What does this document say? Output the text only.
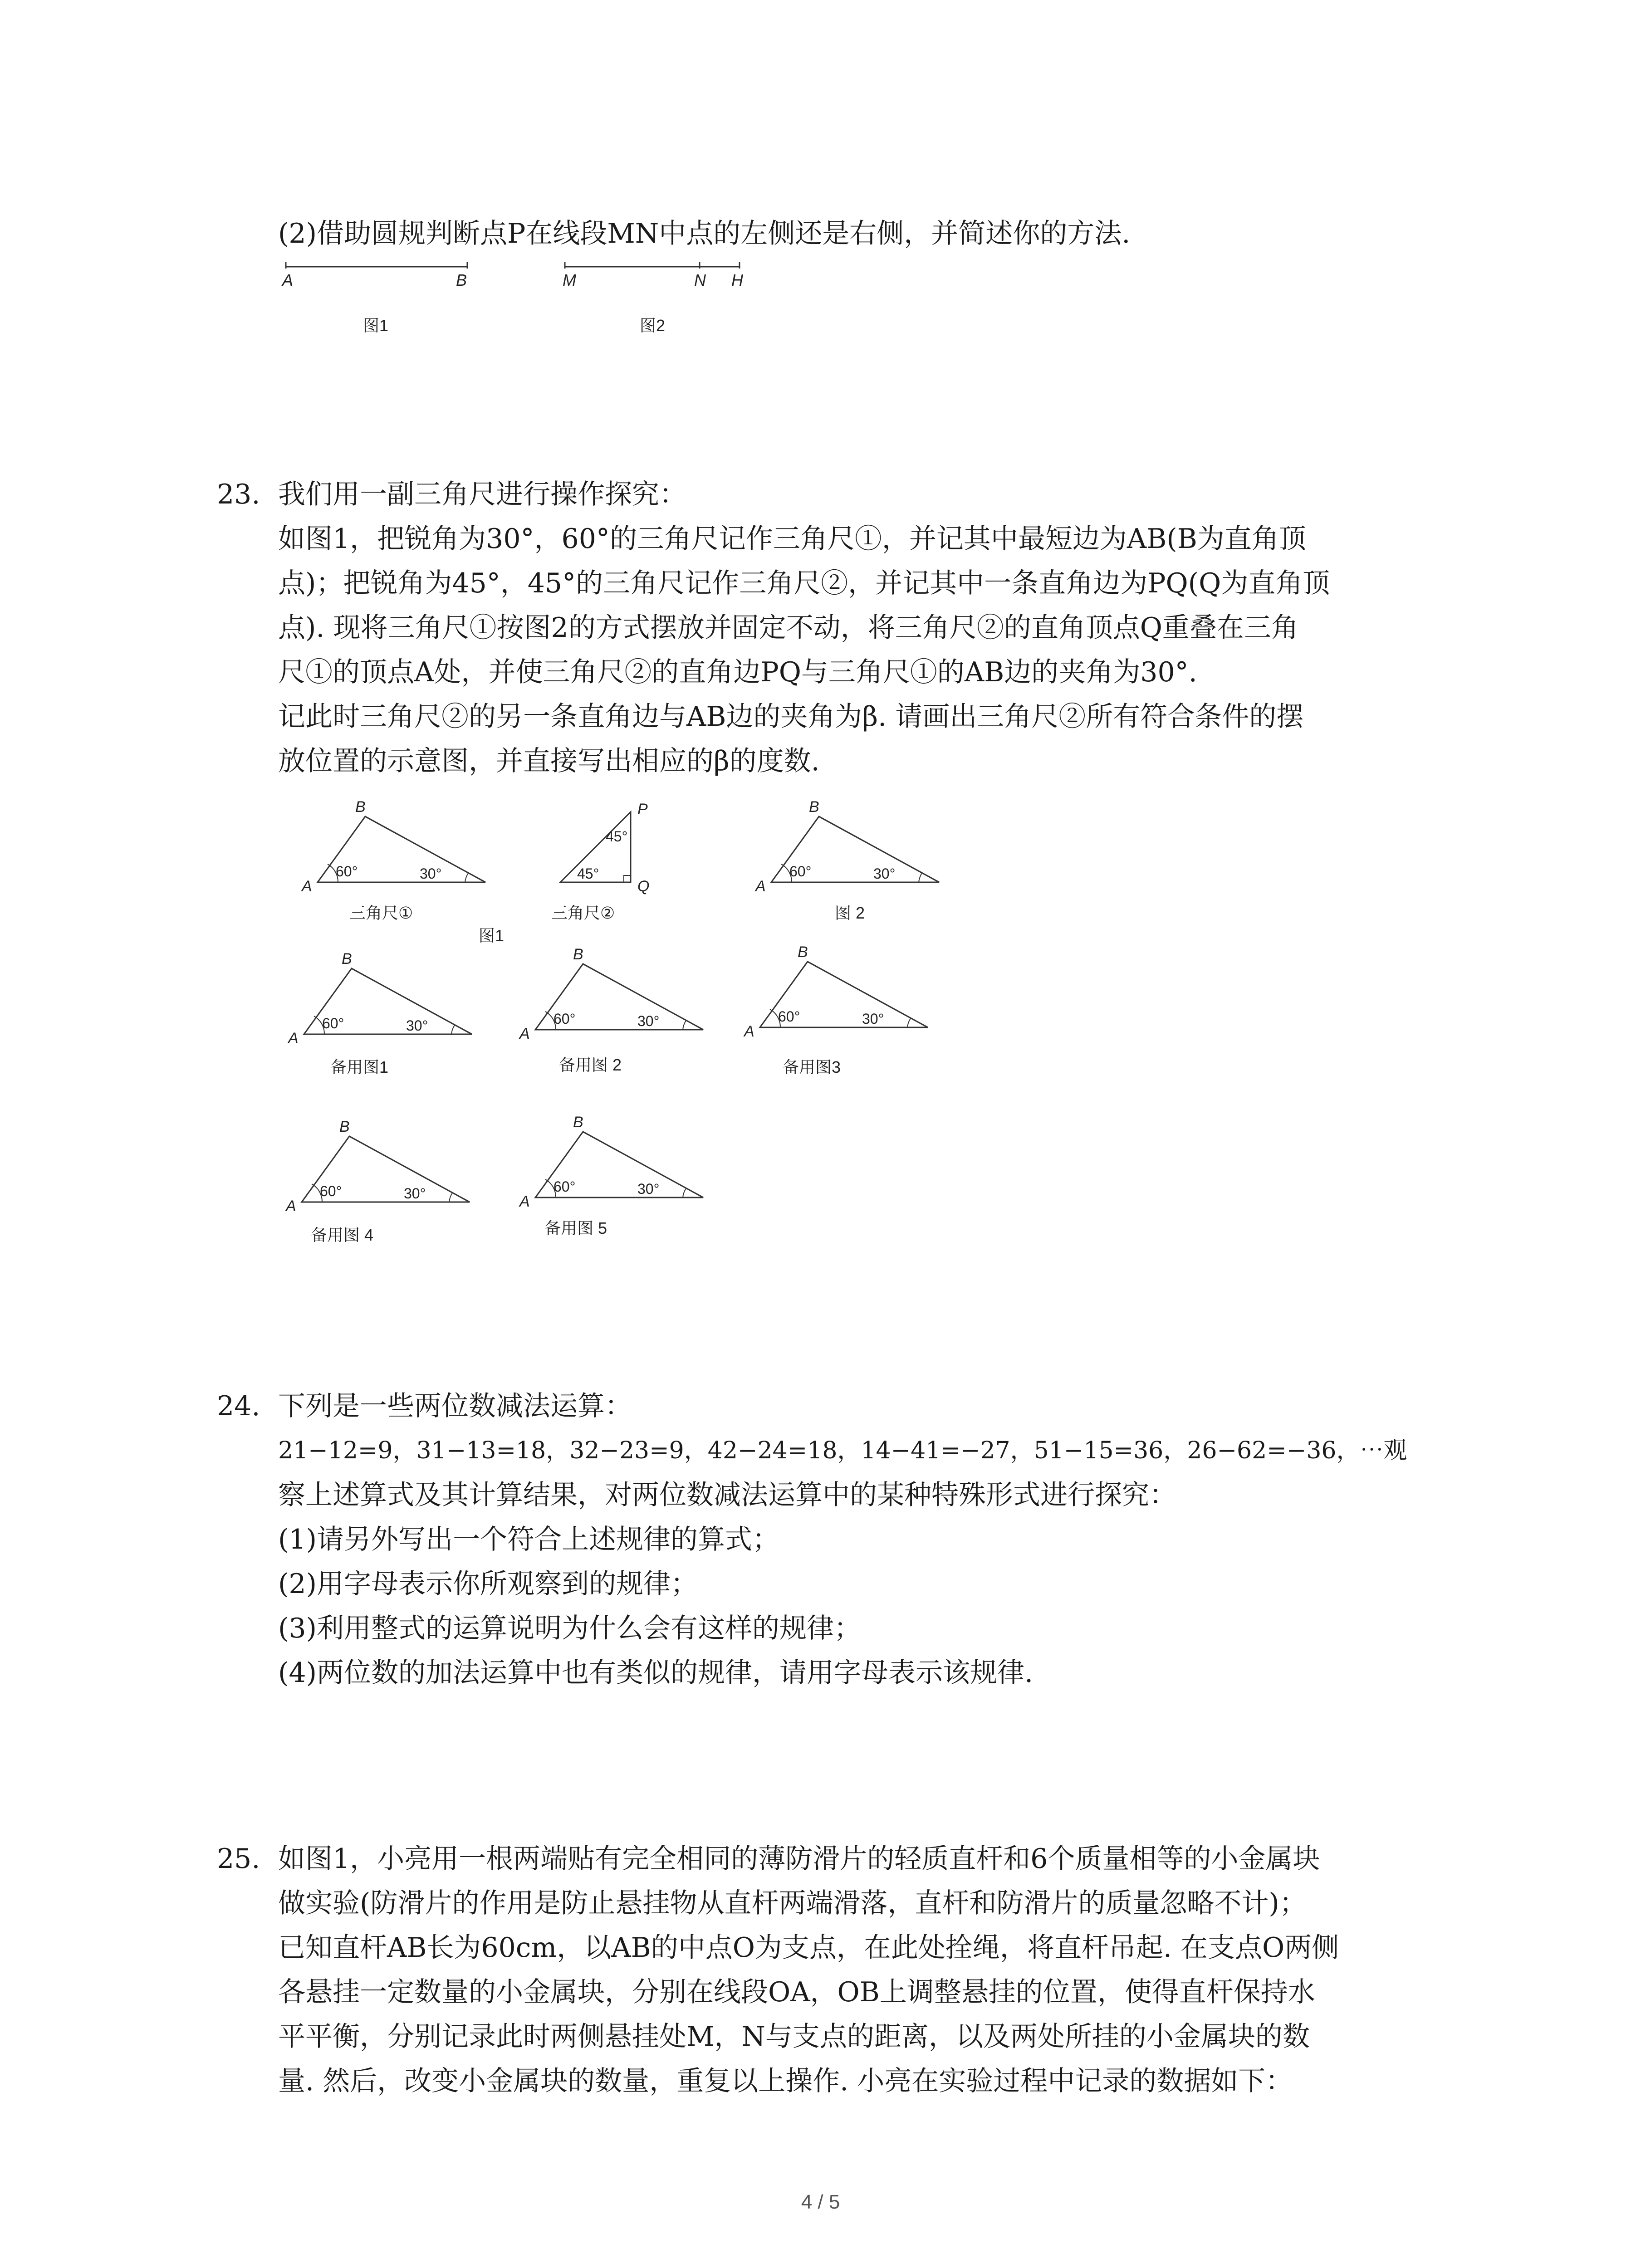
(2)借助圆规判断点P在线段MN中点的左侧还是右侧，并简述你的方法.
A	B
图1
M	N H
图2
23. 我们用一副三角尺进行操作探究：
如图1，把锐角为30°，60°的三角尺记作三角尺①，并记其中最短边为AB(B为直角顶
点)；把锐角为45°，45°的三角尺记作三角尺②，并记其中一条直角边为PQ(Q为直角顶
点). 现将三角尺①按图2的方式摆放并固定不动，将三角尺②的直角顶点Q重叠在三角
尺①的顶点A处，并使三角尺②的直角边PQ与三角尺①的AB边的夹角为30°.
记此时三角尺②的另一条直角边与AB边的夹角为β. 请画出三角尺②所有符合条件的摆
放位置的示意图，并直接写出相应的β的度数.
A
B
60°	30°
三角尺①
P
Q
45°
45°
三角尺②
图1
A
B
60°	30°
图 2
A
B
60°	30°
备用图1
A
B
60°	30°
备用图 2
A
B
60°	30°
备用图3
A
B
60°	30°
备用图 4
A
B
60°	30°
备用图 5
24. 下列是一些两位数减法运算：
21−12=9，31−13=18，32−23=9，42−24=18，14−41=−27，51−15=36，26−62=−36，⋯观
察上述算式及其计算结果，对两位数减法运算中的某种特殊形式进行探究：
(1)请另外写出一个符合上述规律的算式；
(2)用字母表示你所观察到的规律；
(3)利用整式的运算说明为什么会有这样的规律；
(4)两位数的加法运算中也有类似的规律，请用字母表示该规律.
25. 如图1，小亮用一根两端贴有完全相同的薄防滑片的轻质直杆和6个质量相等的小金属块
做实验(防滑片的作用是防止悬挂物从直杆两端滑落，直杆和防滑片的质量忽略不计)；
已知直杆AB长为60cm，以AB的中点O为支点，在此处拴绳，将直杆吊起. 在支点O两侧
各悬挂一定数量的小金属块，分别在线段OA，OB上调整悬挂的位置，使得直杆保持水
平平衡，分别记录此时两侧悬挂处M，N与支点的距离，以及两处所挂的小金属块的数
量. 然后，改变小金属块的数量，重复以上操作. 小亮在实验过程中记录的数据如下：
4 / 5
